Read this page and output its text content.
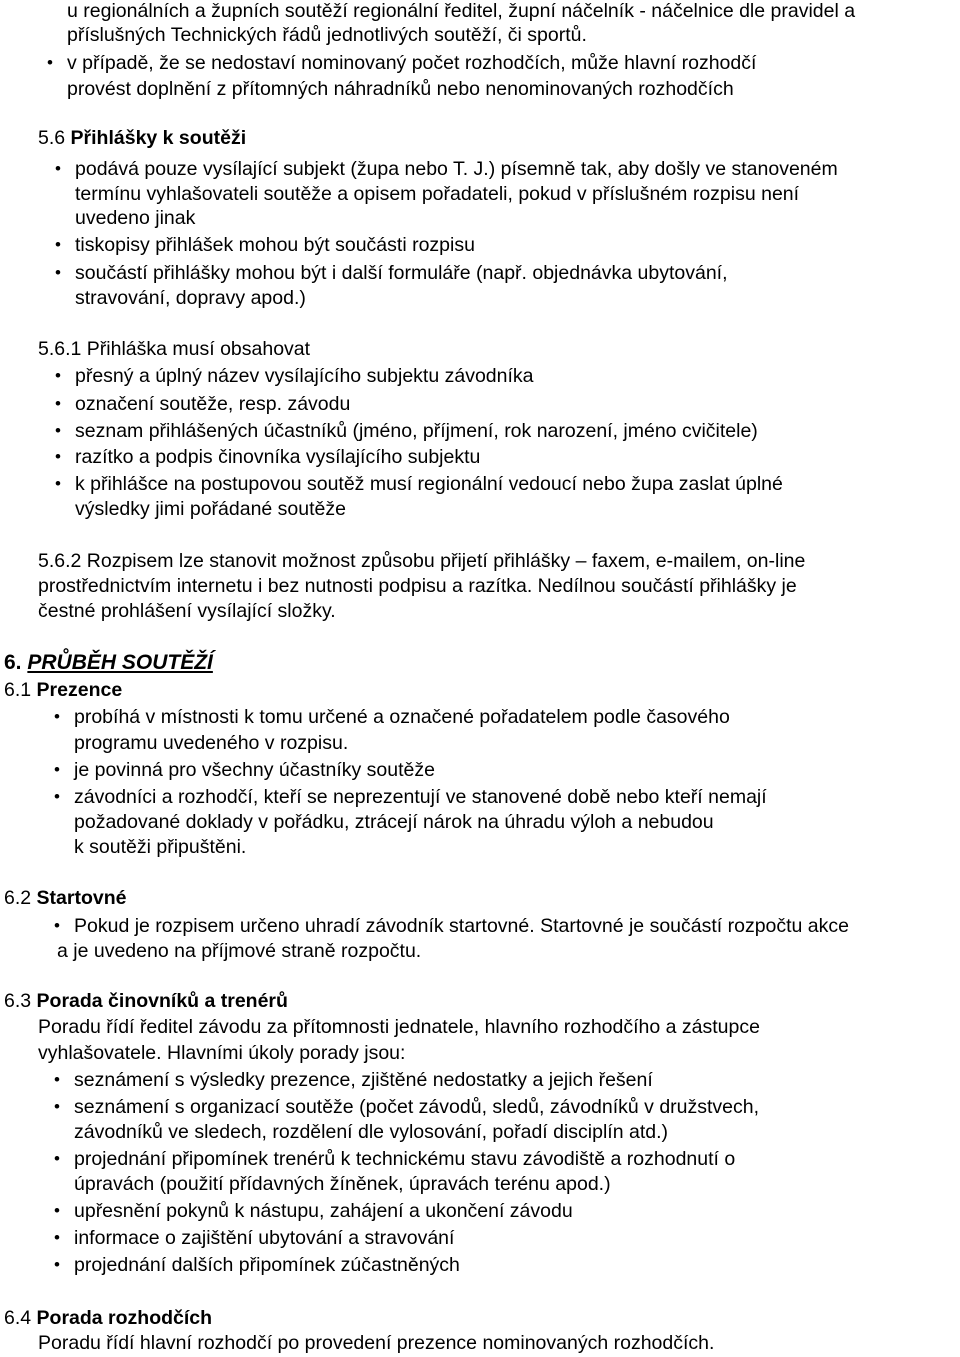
u regionálních a župních soutěží regionální ředitel, župní náčelník - náčelnice dle pravidel a
příslušných Technických řádů jednotlivých soutěží, či sportů.
• v případě, že se nedostaví nominovaný počet rozhodčích, může hlavní rozhodčí
provést doplnění z přítomných náhradníků nebo nenominovaných rozhodčích
5.6 Přihlášky k soutěži
• podává pouze vysílající subjekt (župa nebo T. J.) písemně tak, aby došly ve stanoveném
termínu vyhlašovateli soutěže a opisem pořadateli, pokud v příslušném rozpisu není
uvedeno jinak
• tiskopisy přihlášek mohou být součásti rozpisu
• součástí přihlášky mohou být i další formuláře (např. objednávka ubytování,
stravování, dopravy apod.)
5.6.1 Přihláška musí obsahovat
• přesný a úplný název vysílajícího subjektu závodníka
• označení soutěže, resp. závodu
• seznam přihlášených účastníků (jméno, příjmení, rok narození, jméno cvičitele)
• razítko a podpis činovníka vysílajícího subjektu
• k přihlášce na postupovou soutěž musí regionální vedoucí nebo župa zaslat úplné
výsledky jimi pořádané soutěže
5.6.2 Rozpisem lze stanovit možnost způsobu přijetí přihlášky – faxem, e-mailem, on-line
prostřednictvím internetu i bez nutnosti podpisu a razítka. Nedílnou součástí přihlášky je
čestné prohlášení vysílající složky.
6. PRŮBĚH SOUTĚŽÍ
6.1 Prezence
• probíhá v místnosti k tomu určené a označené pořadatelem podle časového
programu uvedeného v rozpisu.
• je povinná pro všechny účastníky soutěže
• závodníci a rozhodčí, kteří se neprezentují ve stanovené době nebo kteří nemají
požadované doklady v pořádku, ztrácejí nárok na úhradu výloh a nebudou
k soutěži připuštěni.
6.2 Startovné
• Pokud je rozpisem určeno uhradí závodník startovné. Startovné je součástí rozpočtu akce
a je uvedeno na příjmové straně rozpočtu.
6.3 Porada činovníků a trenérů
Poradu řídí ředitel závodu za přítomnosti jednatele, hlavního rozhodčího a zástupce
vyhlašovatele. Hlavními úkoly porady jsou:
• seznámení s výsledky prezence, zjištěné nedostatky a jejich řešení
• seznámení s organizací soutěže (počet závodů, sledů, závodníků v družstvech,
závodníků ve sledech, rozdělení dle vylosování, pořadí disciplín atd.)
• projednání připomínek trenérů k technickému stavu závodiště a rozhodnutí o
úpravách (použití přídavných žíněnek, úpravách terénu apod.)
• upřesnění pokynů k nástupu, zahájení a ukončení závodu
• informace o zajištění ubytování a stravování
• projednání dalších připomínek zúčastněných
6.4 Porada rozhodčích
Poradu řídí hlavní rozhodčí po provedení prezence nominovaných rozhodčích.
